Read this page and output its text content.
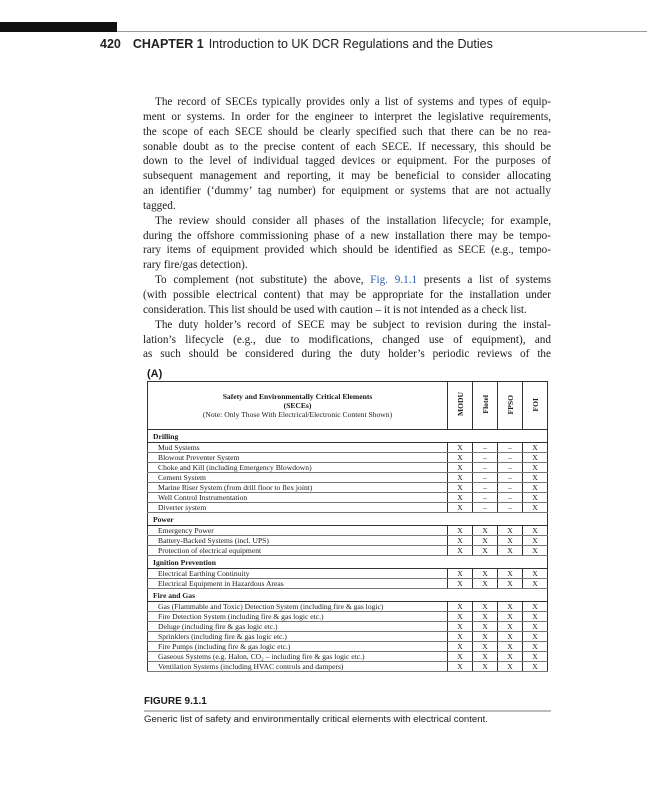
420 CHAPTER 1 Introduction to UK DCR Regulations and the Duties
The record of SECEs typically provides only a list of systems and types of equip-
ment or systems. In order for the engineer to interpret the legislative requirements,
the scope of each SECE should be clearly specified such that there can be no rea-
sonable doubt as to the precise content of each SECE. If necessary, this should be
down to the level of individual tagged devices or equipment. For the purposes of
subsequent management and reporting, it may be beneficial to consider allocating
an identifier (‘dummy’ tag number) for equipment or systems that are not actually
tagged.
The review should consider all phases of the installation lifecycle; for example,
during the offshore commissioning phase of a new installation there may be tempo-
rary items of equipment provided which should be identified as SECE (e.g., tempo-
rary fire/gas detection).
To complement (not substitute) the above, Fig. 9.1.1 presents a list of systems
(with possible electrical content) that may be appropriate for the installation under
consideration. This list should be used with caution – it is not intended as a check list.
The duty holder’s record of SECE may be subject to revision during the instal-
lation’s lifecycle (e.g., due to modifications, changed use of equipment), and
as such should be considered during the duty holder’s periodic reviews of the
(A)
Safety and Environmentally Critical Elements
(SECEs)
(Note: Only Those With Electrical/Electronic Content Shown)	MODU	Flotel	FPSO	FOI
Drilling				
Mud Systems	X	–	–	X
Blowout Preventer System	X	–	–	X
Choke and Kill (including Emergency Blowdown)	X	–	–	X
Cement System	X	–	–	X
Marine Riser System (from drill floor to flex joint)	X	–	–	X
Well Control Instrumentation	X	–	–	X
Diverter system	X	–	–	X
Power				
Emergency Power	X	X	X	X
Battery-Backed Systems (incl. UPS)	X	X	X	X
Protection of electrical equipment	X	X	X	X
Ignition Prevention				
Electrical Earthing Continuity	X	X	X	X
Electrical Equipment in Hazardous Areas	X	X	X	X
Fire and Gas				
Gas (Flammable and Toxic) Detection System (including fire & gas logic)	X	X	X	X
Fire Detection System (including fire & gas logic etc.)	X	X	X	X
Deluge (including fire & gas logic etc.)	X	X	X	X
Sprinklers (including fire & gas logic etc.)	X	X	X	X
Fire Pumps (including fire & gas logic etc.)	X	X	X	X
Gaseous Systems (e.g. Halon, CO₂ – including fire & gas logic etc.)	X	X	X	X
Ventilation Systems (including HVAC controls and dampers)	X	X	X	X
FIGURE 9.1.1
Generic list of safety and environmentally critical elements with electrical content.
